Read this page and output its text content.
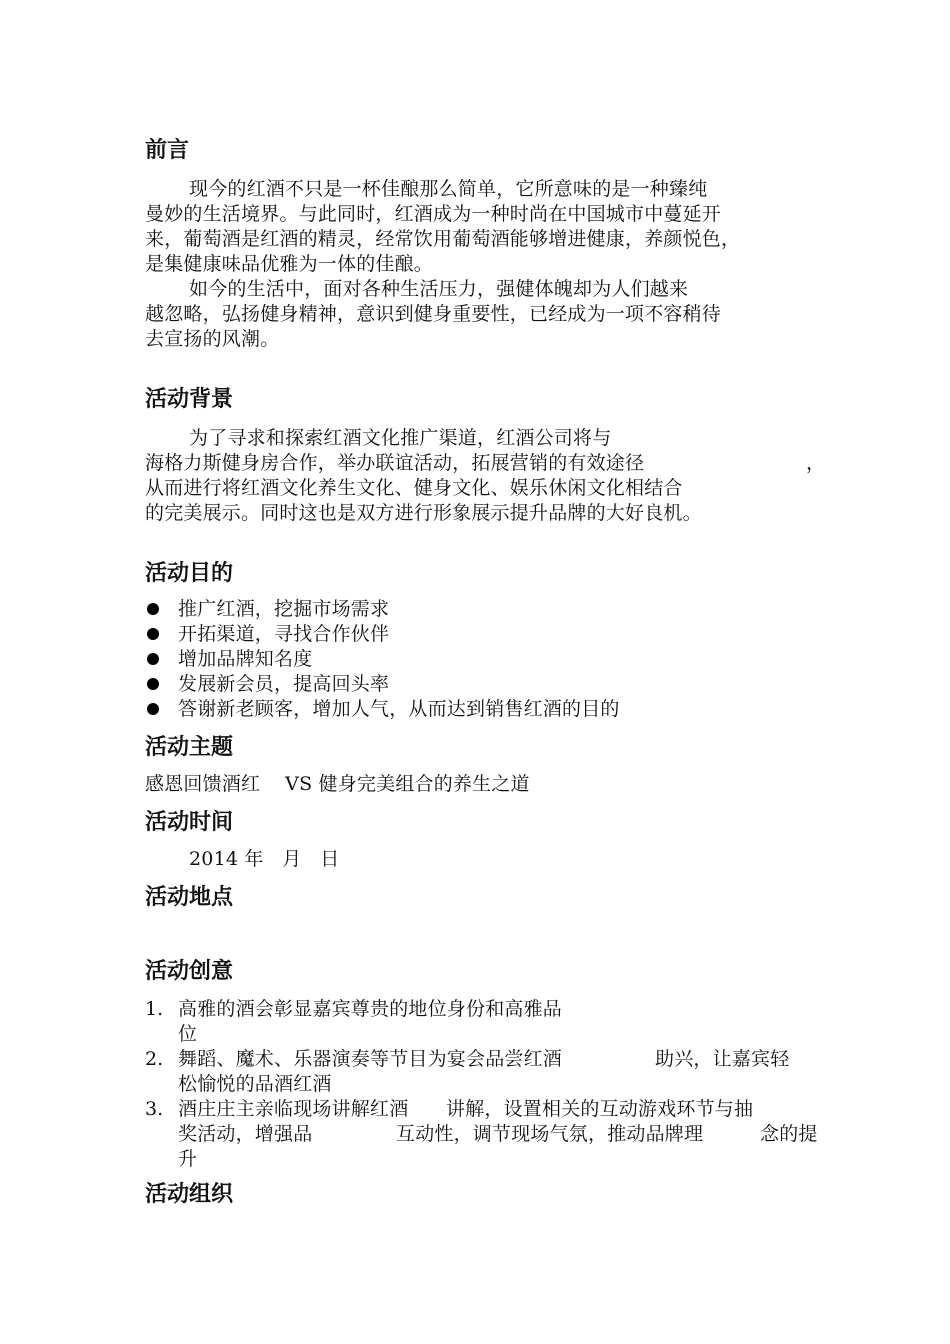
前言
现今的红酒不只是一杯佳酿那么简单，它所意味的是一种臻纯
曼妙的生活境界。与此同时，红酒成为一种时尚在中国城市中蔓延开
来，葡萄酒是红酒的精灵，经常饮用葡萄酒能够增进健康，养颜悦色，
是集健康味品优雅为一体的佳酿。
如今的生活中，面对各种生活压力，强健体魄却为人们越来
越忽略，弘扬健身精神，意识到健身重要性，已经成为一项不容稍待
去宣扬的风潮。
活动背景
为了寻求和探索红酒文化推广渠道，红酒公司将与
海格力斯健身房合作，举办联谊活动，拓展营销的有效途径	，
从而进行将红酒文化养生文化、健身文化、娱乐休闲文化相结合
的完美展示。同时这也是双方进行形象展示提升品牌的大好良机。
活动目的
推广红酒，挖掘市场需求
开拓渠道，寻找合作伙伴
增加品牌知名度
发展新会员，提高回头率
答谢新老顾客，增加人气，从而达到销售红酒的目的
活动主题
感恩回馈酒红    VS 健身完美组合的养生之道
活动时间
2014 年   月   日
活动地点
活动创意
1. 高雅的酒会彰显嘉宾尊贵的地位身份和高雅品
位
2. 舞蹈、魔术、乐器演奏等节目为宴会品尝红酒	助兴，让嘉宾轻
松愉悦的品酒红酒
3. 酒庄庄主亲临现场讲解红酒 讲解，设置相关的互动游戏环节与抽
奖活动，增强品	互动性，调节现场气氛，推动品牌理	念的提
升
活动组织
